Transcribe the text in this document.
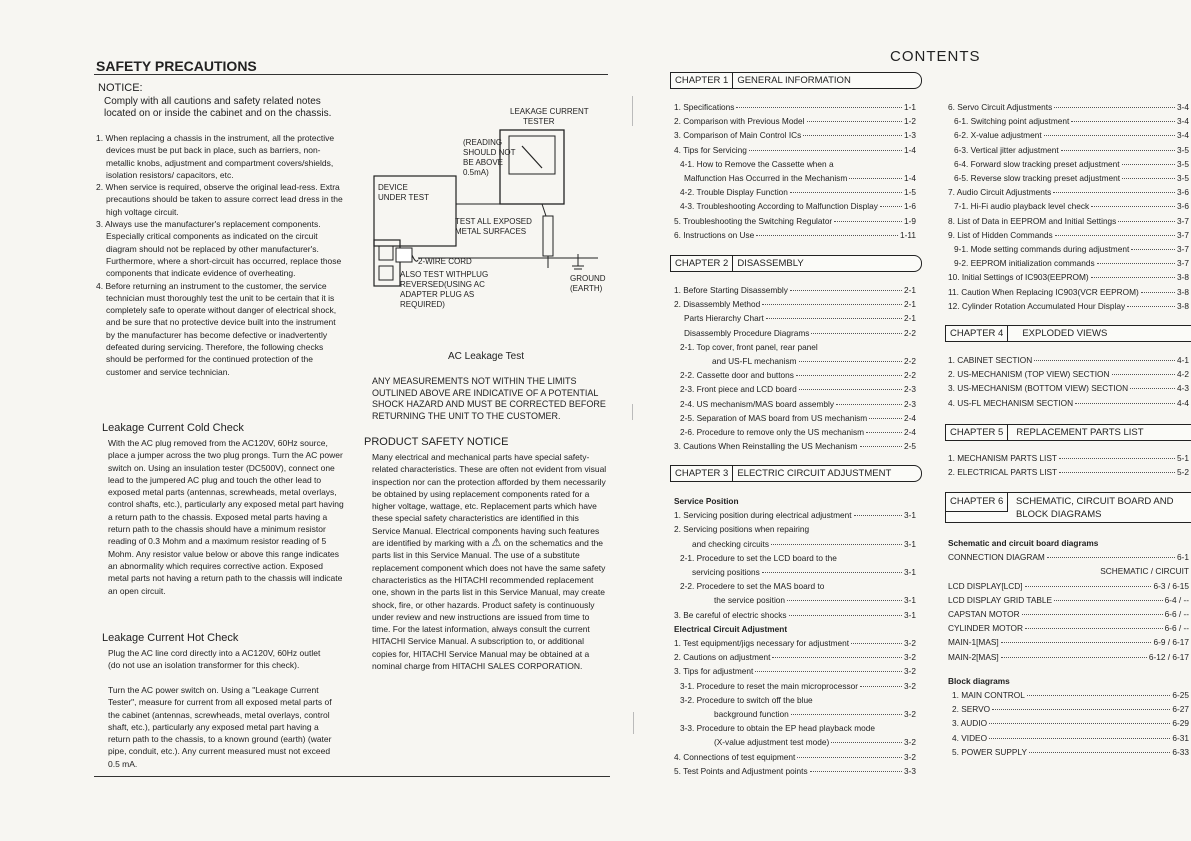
SAFETY PRECAUTIONS
NOTICE:

Comply with all cautions and safety related notes located on or inside the cabinet and on the chassis.

1. When replacing a chassis in the instrument, all the protective devices must be put back in place, such as barriers, non-metallic knobs, adjustment and compartment covers/shields, isolation resistors/ capacitors, etc.

2. When service is required, observe the original lead-ress. Extra precautions should be taken to assure correct lead dress in the high voltage circuit.

3. Always use the manufacturer's replacement components. Especially critical components as indicated on the circuit diagram should not be replaced by other manufacturer's. Furthermore, where a short-circuit has occurred, replace those components that indicate evidence of overheating.

4. Before returning an instrument to the customer, the service technician must thoroughly test the unit to be certain that it is completely safe to operate without danger of electrical shock, and be sure that no protective device built into the instrument by the manufacturer has become defective or inadvertently defeated during servicing. Therefore, the following checks should be performed for the continued protection of the customer and service technician.

Leakage Current Cold Check

With the AC plug removed from the AC120V, 60Hz source, place a jumper across the two plug prongs. Turn the AC power switch on. Using an insulation tester (DC500V), connect one lead to the jumpered AC plug and touch the other lead to exposed metal parts (antennas, screwheads, metal overlays, control shafts, etc.), particularly any exposed metal part having a return path to the chassis. Exposed metal parts having a return path to the chassis should have a minimum resistor reading of 0.3 Mohm and a maximum resistor reading of 5 Mohm. Any resistor value below or above this range indicates an abnormality which requires corrective action. Exposed metal parts not having a return path to the chassis will indicate an open circuit.

Leakage Current Hot Check

Plug the AC line cord directly into a AC120V, 60Hz outlet (do not use an isolation transformer for this check).

Turn the AC power switch on. Using a "Leakage Current Tester", measure for current from all exposed metal parts of the cabinet (antennas, screwheads, metal overlays, control shaft, etc.), particularly any exposed metal part having a return path to the chassis, to a known ground (earth) (water pipe, conduit, etc.). Any current measured must not exceed 0.5 mA.

LEAKAGE CURRENT
TESTER
(READING
SHOULD NOT
BE ABOVE
0.5mA)
DEVICE
UNDER TEST
TEST ALL EXPOSED
METAL SURFACES
2-WIRE CORD
GROUND
(EARTH)
ALSO TEST WITHPLUG
REVERSED(USING AC
ADAPTER PLUG AS
REQUIRED)
AC Leakage Test

ANY MEASUREMENTS NOT WITHIN THE LIMITS OUTLINED ABOVE ARE INDICATIVE OF A POTENTIAL SHOCK HAZARD AND MUST BE CORRECTED BEFORE RETURNING THE UNIT TO THE CUSTOMER.

PRODUCT SAFETY NOTICE

Many electrical and mechanical parts have special safety-related characteristics. These are often not evident from visual inspection nor can the protection afforded by them necessarily be obtained by using replacement components rated for a higher voltage, wattage, etc. Replacement parts which have these special safety characteristics are identified in this Service Manual. Electrical components having such features are identified by marking with a ⚠ on the schematics and the parts list in this Service Manual. The use of a substitute replacement component which does not have the same safety characteristics as the HITACHI recommended replacement one, shown in the parts list in this Service Manual, may create shock, fire, or other hazards. Product safety is continuously under review and new instructions are issued from time to time. For the latest information, always consult the current HITACHI Service Manual. A subscription to, or additional copies for, HITACHI Service Manual may be obtained at a nominal charge from HITACHI SALES CORPORATION.

CONTENTS
CHAPTER 1 GENERAL INFORMATION
1. Specifications	1-1
2. Comparison with Previous Model	1-2
3. Comparison of Main Control ICs	1-3
4. Tips for Servicing	1-4
4-1. How to Remove the Cassette when a
Malfunction Has Occurred in the Mechanism	1-4
4-2. Trouble Display Function	1-5
4-3. Troubleshooting According to Malfunction Display	1-6
5. Troubleshooting the Switching Regulator	1-9
6. Instructions on Use	1-11
CHAPTER 2 DISASSEMBLY
1. Before Starting Disassembly	2-1
2. Disassembly Method	2-1
Parts Hierarchy Chart	2-1
Disassembly Procedure Diagrams	2-2
2-1. Top cover, front panel, rear panel
and US-FL mechanism	2-2
2-2. Cassette door and buttons	2-2
2-3. Front piece and LCD board	2-3
2-4. US mechanism/MAS board assembly	2-3
2-5. Separation of MAS board from US mechanism	2-4
2-6. Procedure to remove only the US mechanism	2-4
3. Cautions When Reinstalling the US Mechanism	2-5
CHAPTER 3 ELECTRIC CIRCUIT ADJUSTMENT
Service Position
1. Servicing position during electrical adjustment	3-1
2. Servicing positions when repairing
and checking circuits	3-1
2-1. Procedure to set the LCD board to the
servicing positions	3-1
2-2. Procedere to set the MAS board to
the service position	3-1
3. Be careful of electric shocks	3-1
Electrical Circuit Adjustment
1. Test equipment/jigs necessary for adjustment	3-2
2. Cautions on adjustment	3-2
3. Tips for adjustment	3-2
3-1. Procedure to reset the main microprocessor	3-2
3-2. Procedure to switch off the blue
background function	3-2
3-3. Procedure to obtain the EP head playback mode
(X-value adjustment test mode)	3-2
4. Connections of test equipment	3-2
5. Test Points and Adjustment points	3-3
6. Servo Circuit Adjustments	3-4
6-1. Switching point adjustment	3-4
6-2. X-value adjustment	3-4
6-3. Vertical jitter adjustment	3-5
6-4. Forward slow tracking preset adjustment	3-5
6-5. Reverse slow tracking preset adjustment	3-5
7. Audio Circuit Adjustments	3-6
7-1. Hi-Fi audio playback level check	3-6
8. List of Data in EEPROM and Initial Settings	3-7
9. List of Hidden Commands	3-7
9-1. Mode setting commands during adjustment	3-7
9-2. EEPROM initialization commands	3-7
10. Initial Settings of IC903(EEPROM)	3-8
11. Caution When Replacing IC903(VCR EEPROM)	3-8
12. Cylinder Rotation Accumulated Hour Display	3-8
CHAPTER 4 EXPLODED VIEWS
1. CABINET SECTION	4-1
2. US-MECHANISM (TOP VIEW) SECTION	4-2
3. US-MECHANISM (BOTTOM VIEW) SECTION	4-3
4. US-FL MECHANISM SECTION	4-4
CHAPTER 5 REPLACEMENT PARTS LIST
1. MECHANISM PARTS LIST	5-1
2. ELECTRICAL PARTS LIST	5-2
CHAPTER 6	SCHEMATIC, CIRCUIT BOARD AND BLOCK DIAGRAMS
Schematic and circuit board diagrams
CONNECTION DIAGRAM	6-1
SCHEMATIC / CIRCUIT
LCD DISPLAY[LCD]	6-3 / 6-15
LCD DISPLAY GRID TABLE	6-4 / --
CAPSTAN MOTOR	6-6 / --
CYLINDER MOTOR	6-6 / --
MAIN-1[MAS]	6-9 / 6-17
MAIN-2[MAS]	6-12 / 6-17
Block diagrams
1. MAIN CONTROL	6-25
2. SERVO	6-27
3. AUDIO	6-29
4. VIDEO	6-31
5. POWER SUPPLY	6-33
